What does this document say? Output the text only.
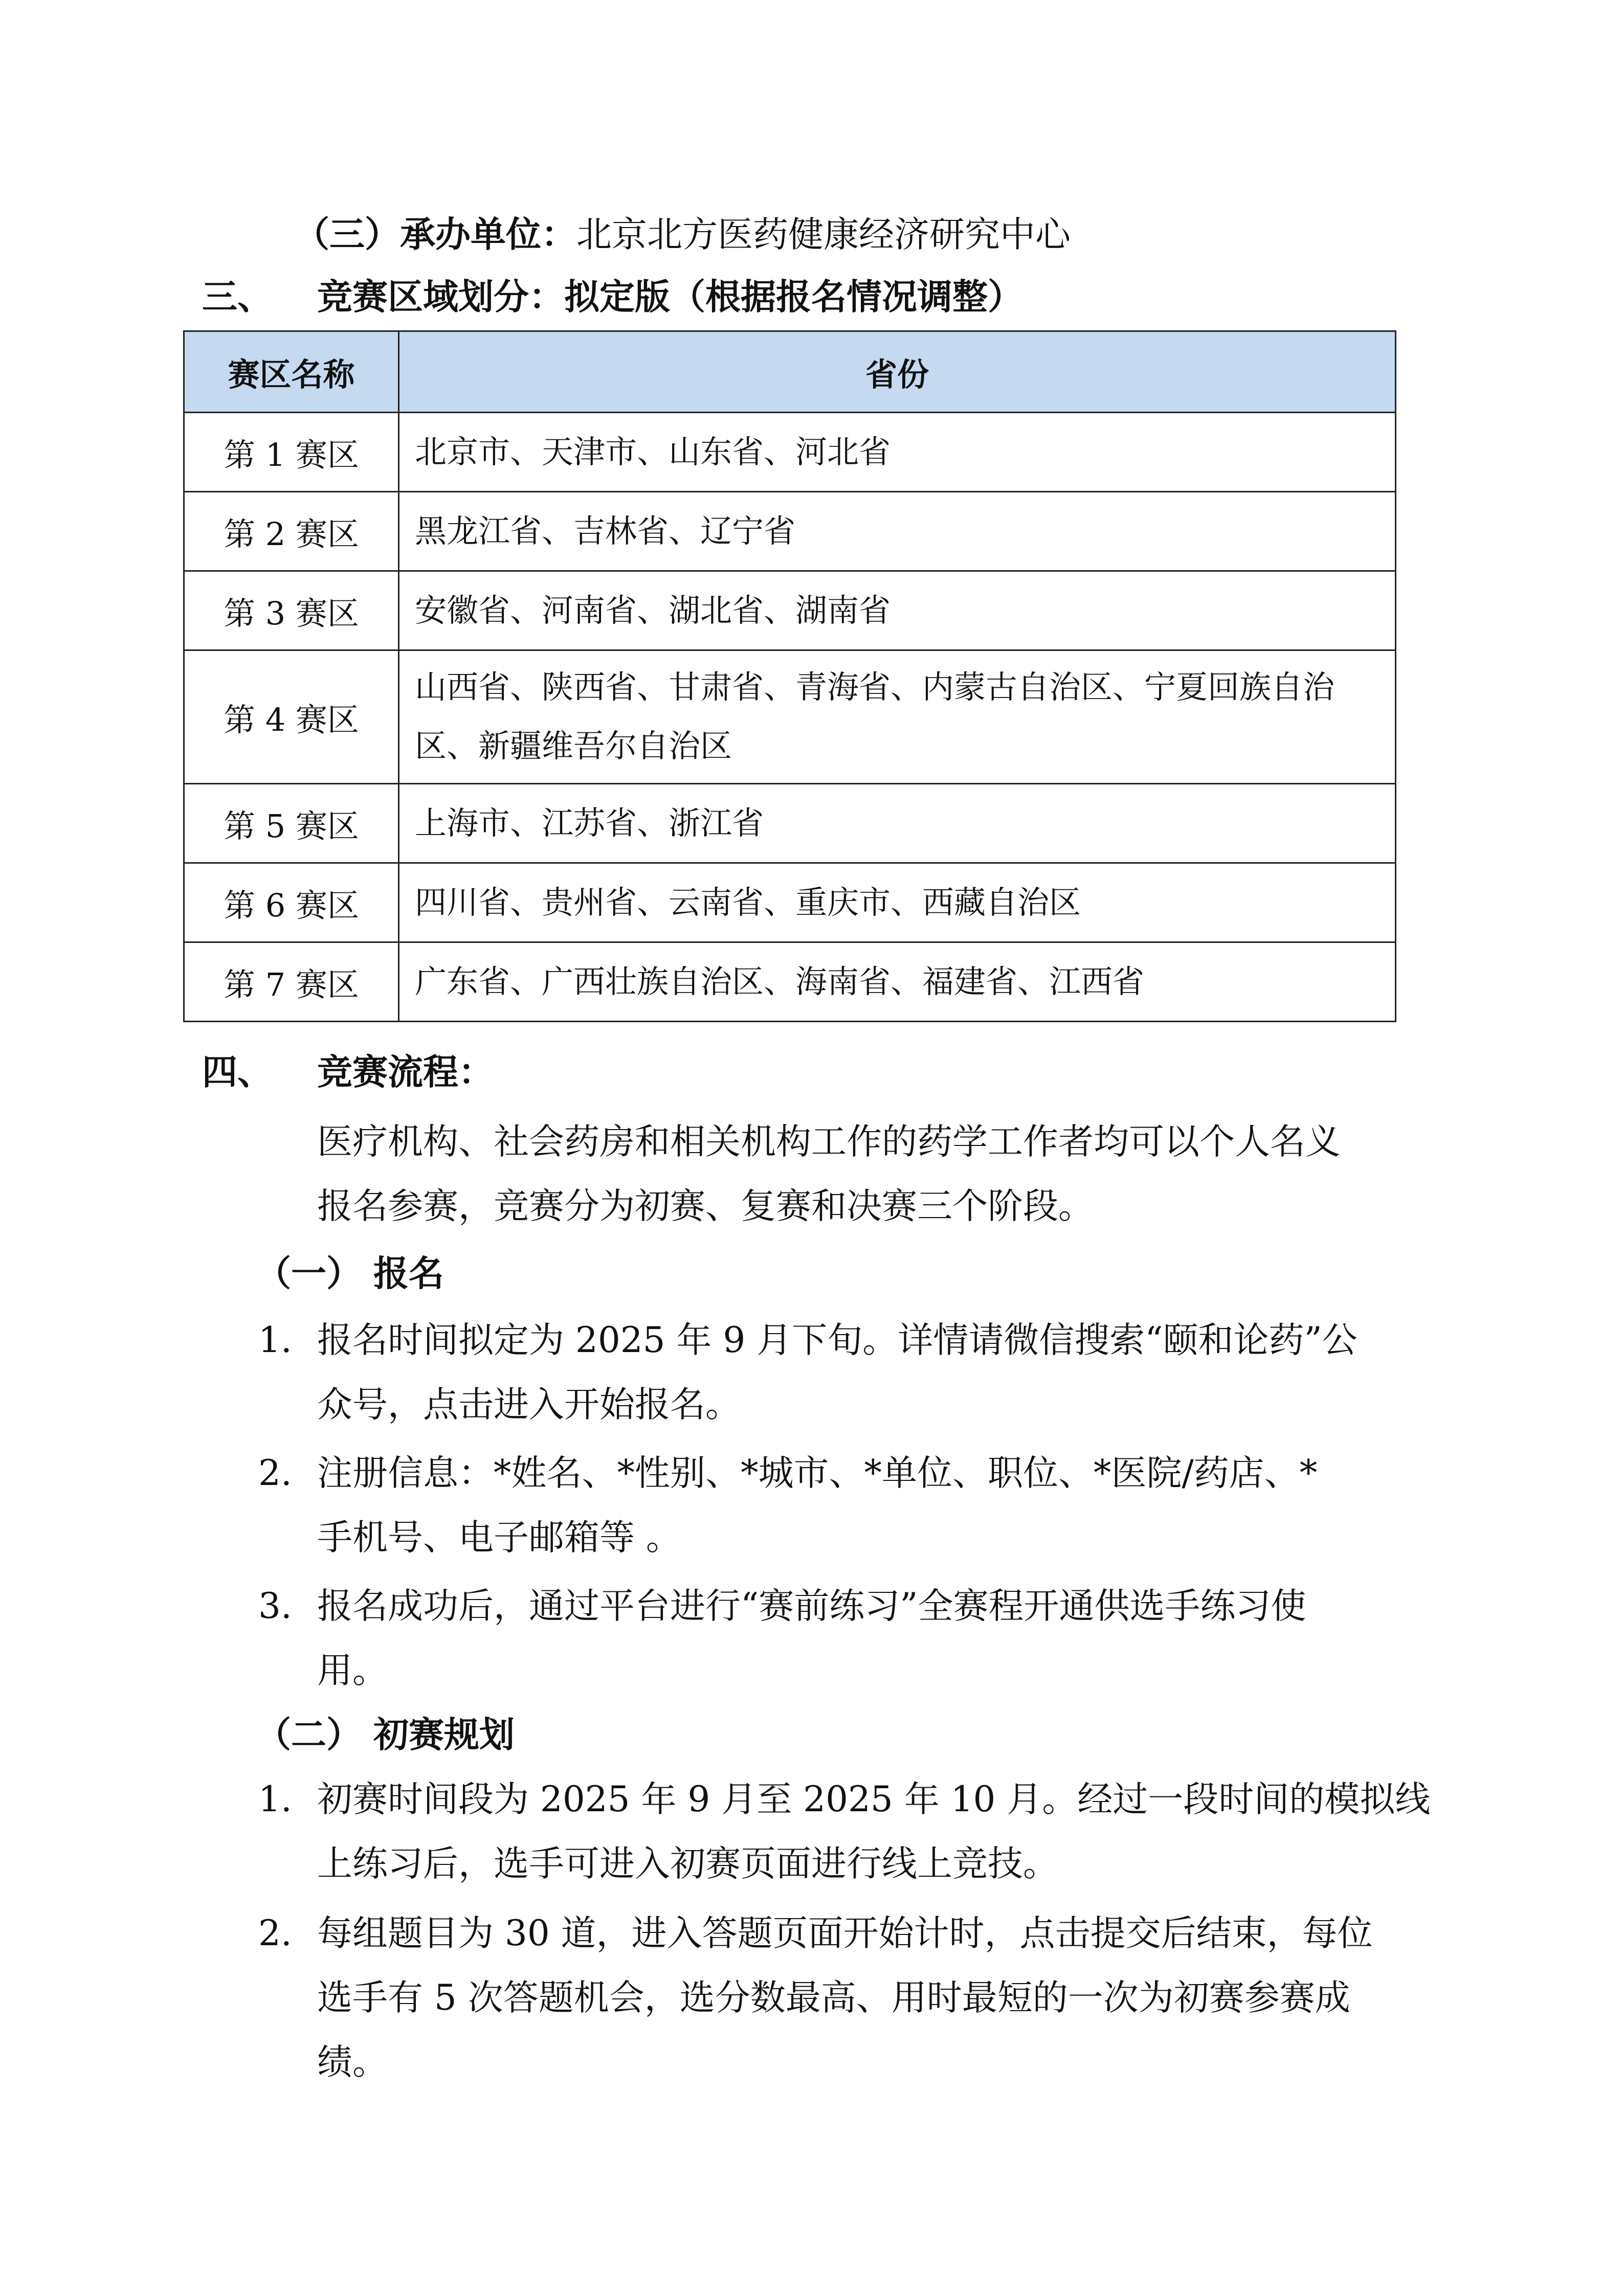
（三）承办单位：北京北方医药健康经济研究中心
三、 竞赛区域划分：拟定版（根据报名情况调整）
赛区名称	省份
第 1 赛区	北京市、天津市、山东省、河北省
第 2 赛区	黑龙江省、吉林省、辽宁省
第 3 赛区	安徽省、河南省、湖北省、湖南省
第 4 赛区	山西省、陕西省、甘肃省、青海省、内蒙古自治区、宁夏回族自治区、新疆维吾尔自治区
第 5 赛区	上海市、江苏省、浙江省
第 6 赛区	四川省、贵州省、云南省、重庆市、西藏自治区
第 7 赛区	广东省、广西壮族自治区、海南省、福建省、江西省
四、 竞赛流程：
医疗机构、社会药房和相关机构工作的药学工作者均可以个人名义
报名参赛，竞赛分为初赛、复赛和决赛三个阶段。
（一） 报名
1. 报名时间拟定为 2025 年 9 月下旬。详情请微信搜索“颐和论药”公
众号，点击进入开始报名。
2. 注册信息：*姓名、*性别、*城市、*单位、职位、*医院/药店、*
手机号、电子邮箱等 。
3. 报名成功后，通过平台进行“赛前练习”全赛程开通供选手练习使
用。
（二） 初赛规划
1. 初赛时间段为 2025 年 9 月至 2025 年 10 月。经过一段时间的模拟线
上练习后，选手可进入初赛页面进行线上竞技。
2. 每组题目为 30 道，进入答题页面开始计时，点击提交后结束，每位
选手有 5 次答题机会，选分数最高、用时最短的一次为初赛参赛成
绩。
